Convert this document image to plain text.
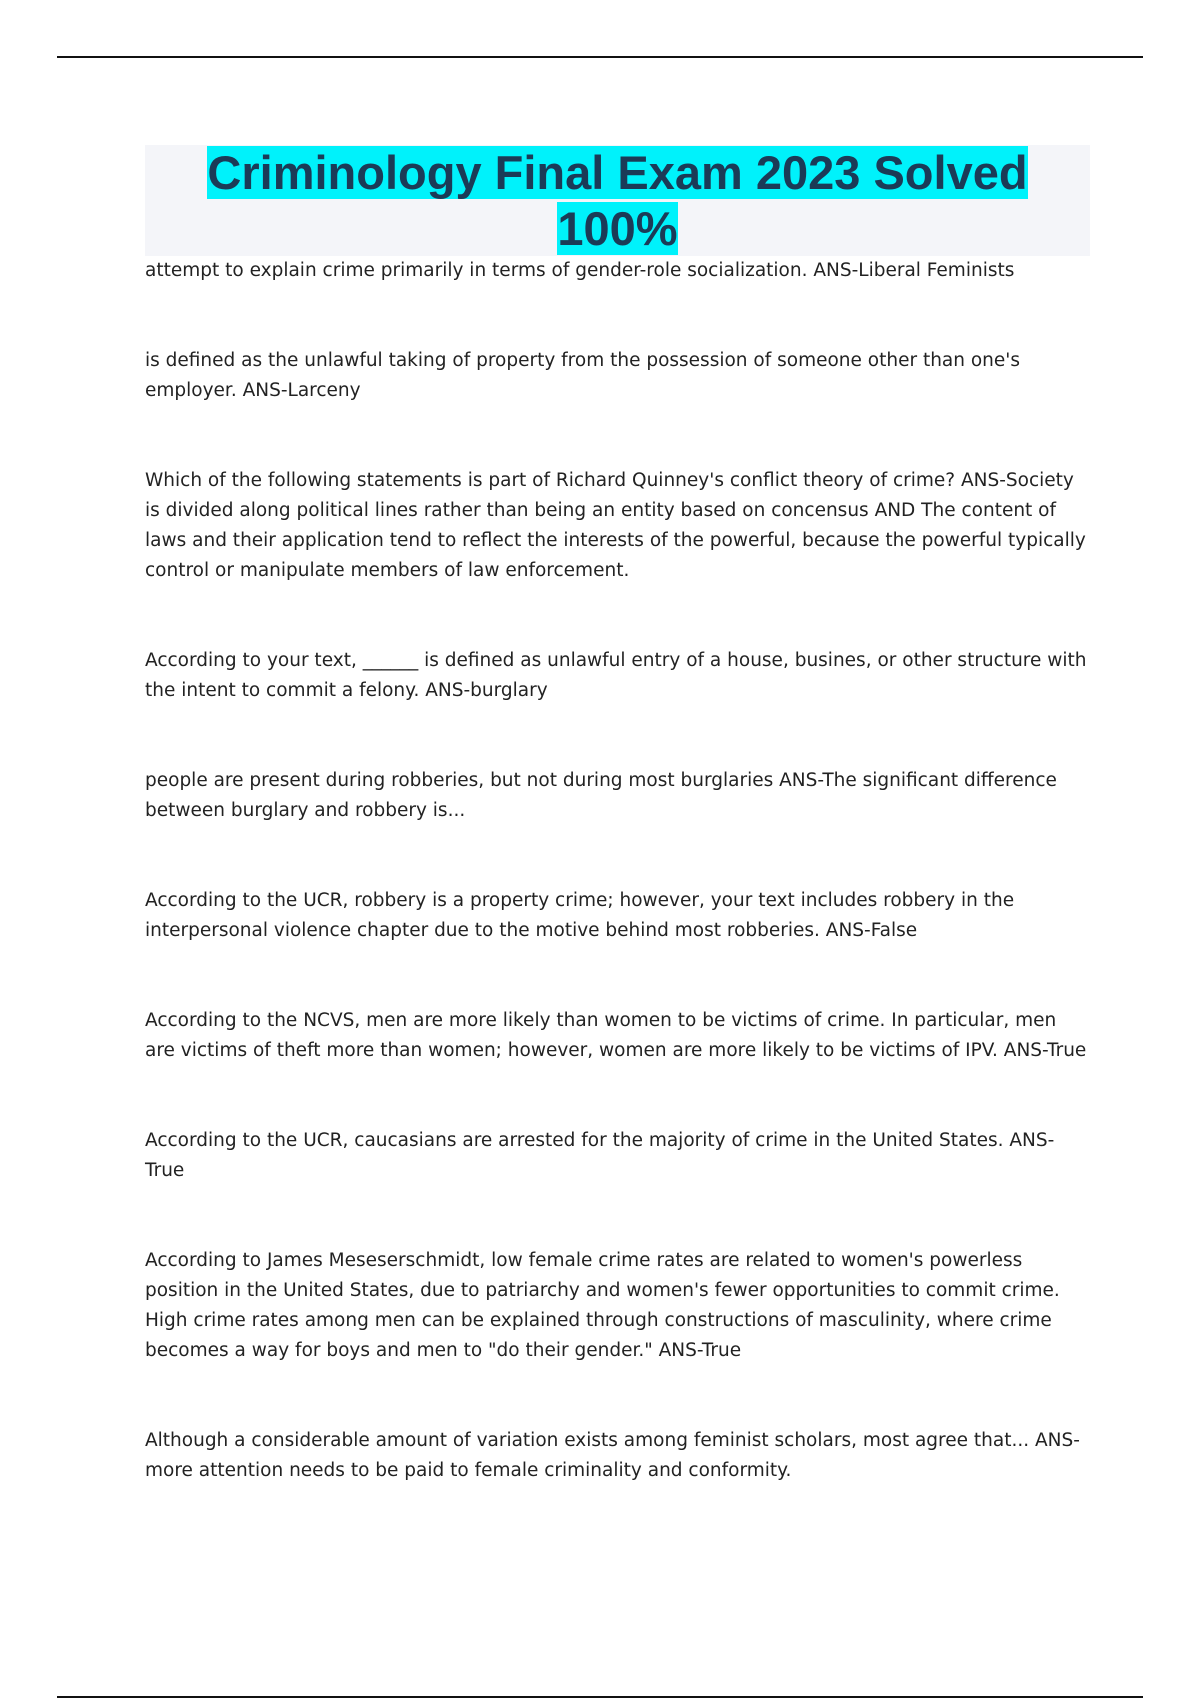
Criminology Final Exam 2023 Solved 100%

attempt to explain crime primarily in terms of gender-role socialization. ANS-Liberal Feminists

is defined as the unlawful taking of property from the possession of someone other than one's employer. ANS-Larceny

Which of the following statements is part of Richard Quinney's conflict theory of crime? ANS-Society is divided along political lines rather than being an entity based on concensus AND The content of laws and their application tend to reflect the interests of the powerful, because the powerful typically control or manipulate members of law enforcement.

According to your text, ______ is defined as unlawful entry of a house, busines, or other structure with the intent to commit a felony. ANS-burglary

people are present during robberies, but not during most burglaries ANS-The significant difference between burglary and robbery is...

According to the UCR, robbery is a property crime; however, your text includes robbery in the interpersonal violence chapter due to the motive behind most robberies. ANS-False

According to the NCVS, men are more likely than women to be victims of crime. In particular, men are victims of theft more than women; however, women are more likely to be victims of IPV. ANS-True

According to the UCR, caucasians are arrested for the majority of crime in the United States. ANS-True

According to James Meseserschmidt, low female crime rates are related to women's powerless position in the United States, due to patriarchy and women's fewer opportunities to commit crime. High crime rates among men can be explained through constructions of masculinity, where crime becomes a way for boys and men to "do their gender." ANS-True

Although a considerable amount of variation exists among feminist scholars, most agree that... ANS-more attention needs to be paid to female criminality and conformity.
